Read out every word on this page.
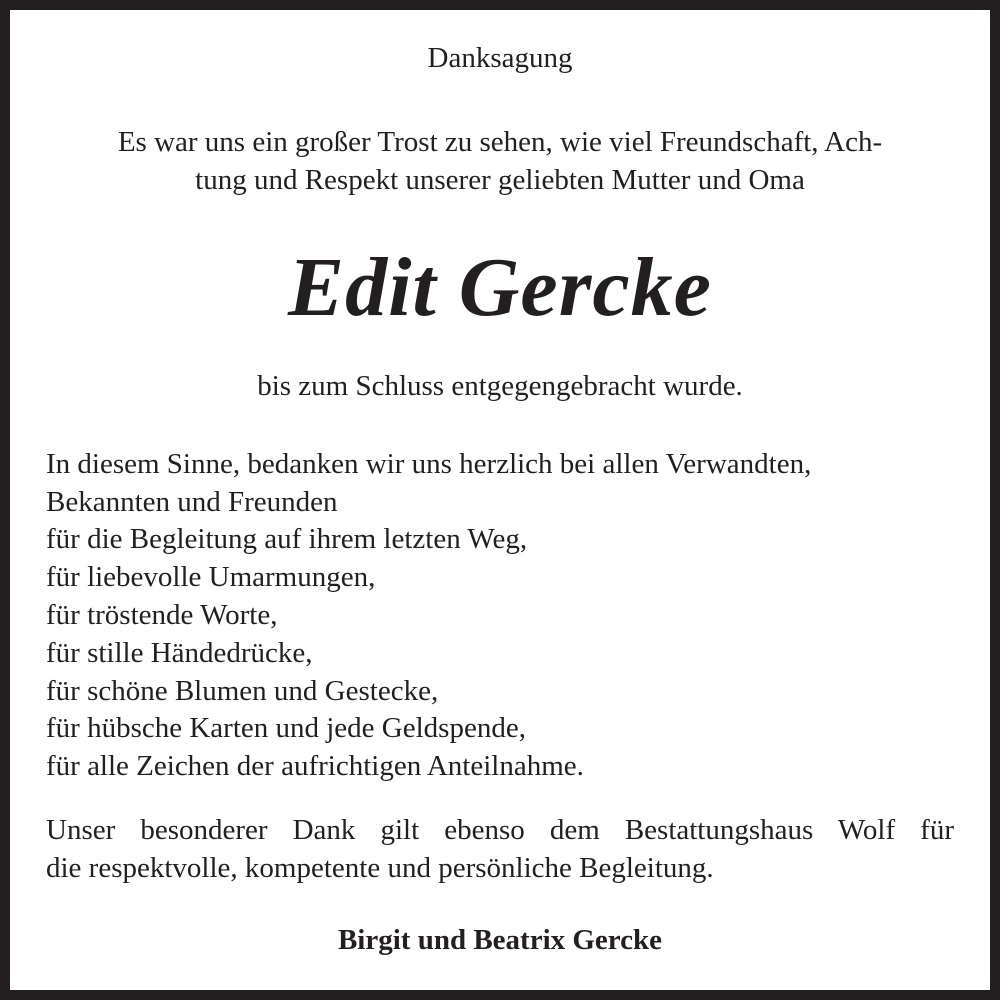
Danksagung

Es war uns ein großer Trost zu sehen, wie viel Freundschaft, Ach-

tung und Respekt unserer geliebten Mutter und Oma

Edit Gercke

bis zum Schluss entgegengebracht wurde.

In diesem Sinne, bedanken wir uns herzlich bei allen Verwandten,

Bekannten und Freunden

für die Begleitung auf ihrem letzten Weg,

für liebevolle Umarmungen,

für tröstende Worte,

für stille Händedrücke,

für schöne Blumen und Gestecke,

für hübsche Karten und jede Geldspende,

für alle Zeichen der aufrichtigen Anteilnahme.

Unser besonderer Dank gilt ebenso dem Bestattungshaus Wolf für

die respektvolle, kompetente und persönliche Begleitung.

Birgit und Beatrix Gercke
